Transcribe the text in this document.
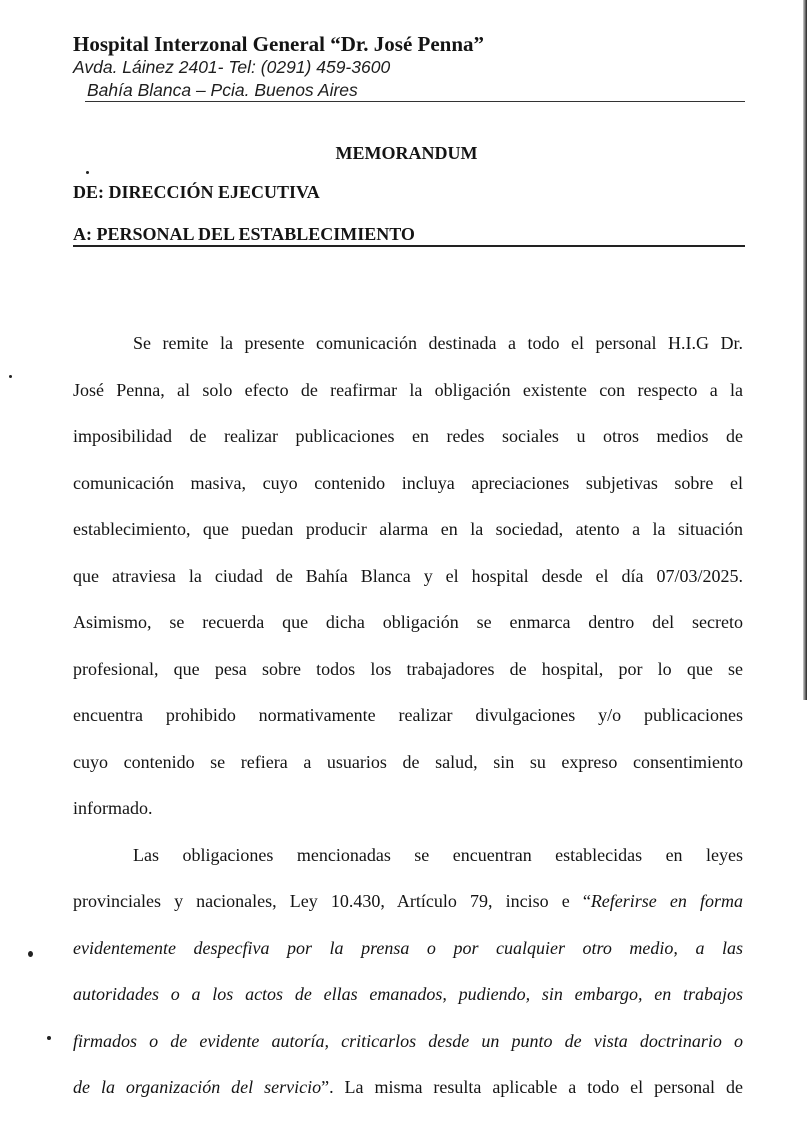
Hospital Interzonal General “Dr. José Penna”
Avda. Láinez 2401- Tel: (0291) 459-3600
Bahía Blanca – Pcia. Buenos Aires
MEMORANDUM
DE: DIRECCIÓN EJECUTIVA
A: PERSONAL DEL ESTABLECIMIENTO
Se remite la presente comunicación destinada a todo el personal H.I.G Dr.
José Penna, al solo efecto de reafirmar la obligación existente con respecto a la
imposibilidad de realizar publicaciones en redes sociales u otros medios de
comunicación masiva, cuyo contenido incluya apreciaciones subjetivas sobre el
establecimiento, que puedan producir alarma en la sociedad, atento a la situación
que atraviesa la ciudad de Bahía Blanca y el hospital desde el día 07/03/2025.
Asimismo, se recuerda que dicha obligación se enmarca dentro del secreto
profesional, que pesa sobre todos los trabajadores de hospital, por lo que se
encuentra prohibido normativamente realizar divulgaciones y/o publicaciones
cuyo contenido se refiera a usuarios de salud, sin su expreso consentimiento
informado.
Las obligaciones mencionadas se encuentran establecidas en leyes
provinciales y nacionales, Ley 10.430, Artículo 79, inciso e “Referirse en forma
evidentemente despecfiva por la prensa o por cualquier otro medio, a las
autoridades o a los actos de ellas emanados, pudiendo, sin embargo, en trabajos
firmados o de evidente autoría, criticarlos desde un punto de vista doctrinario o
de la organización del servicio”. La misma resulta aplicable a todo el personal de
